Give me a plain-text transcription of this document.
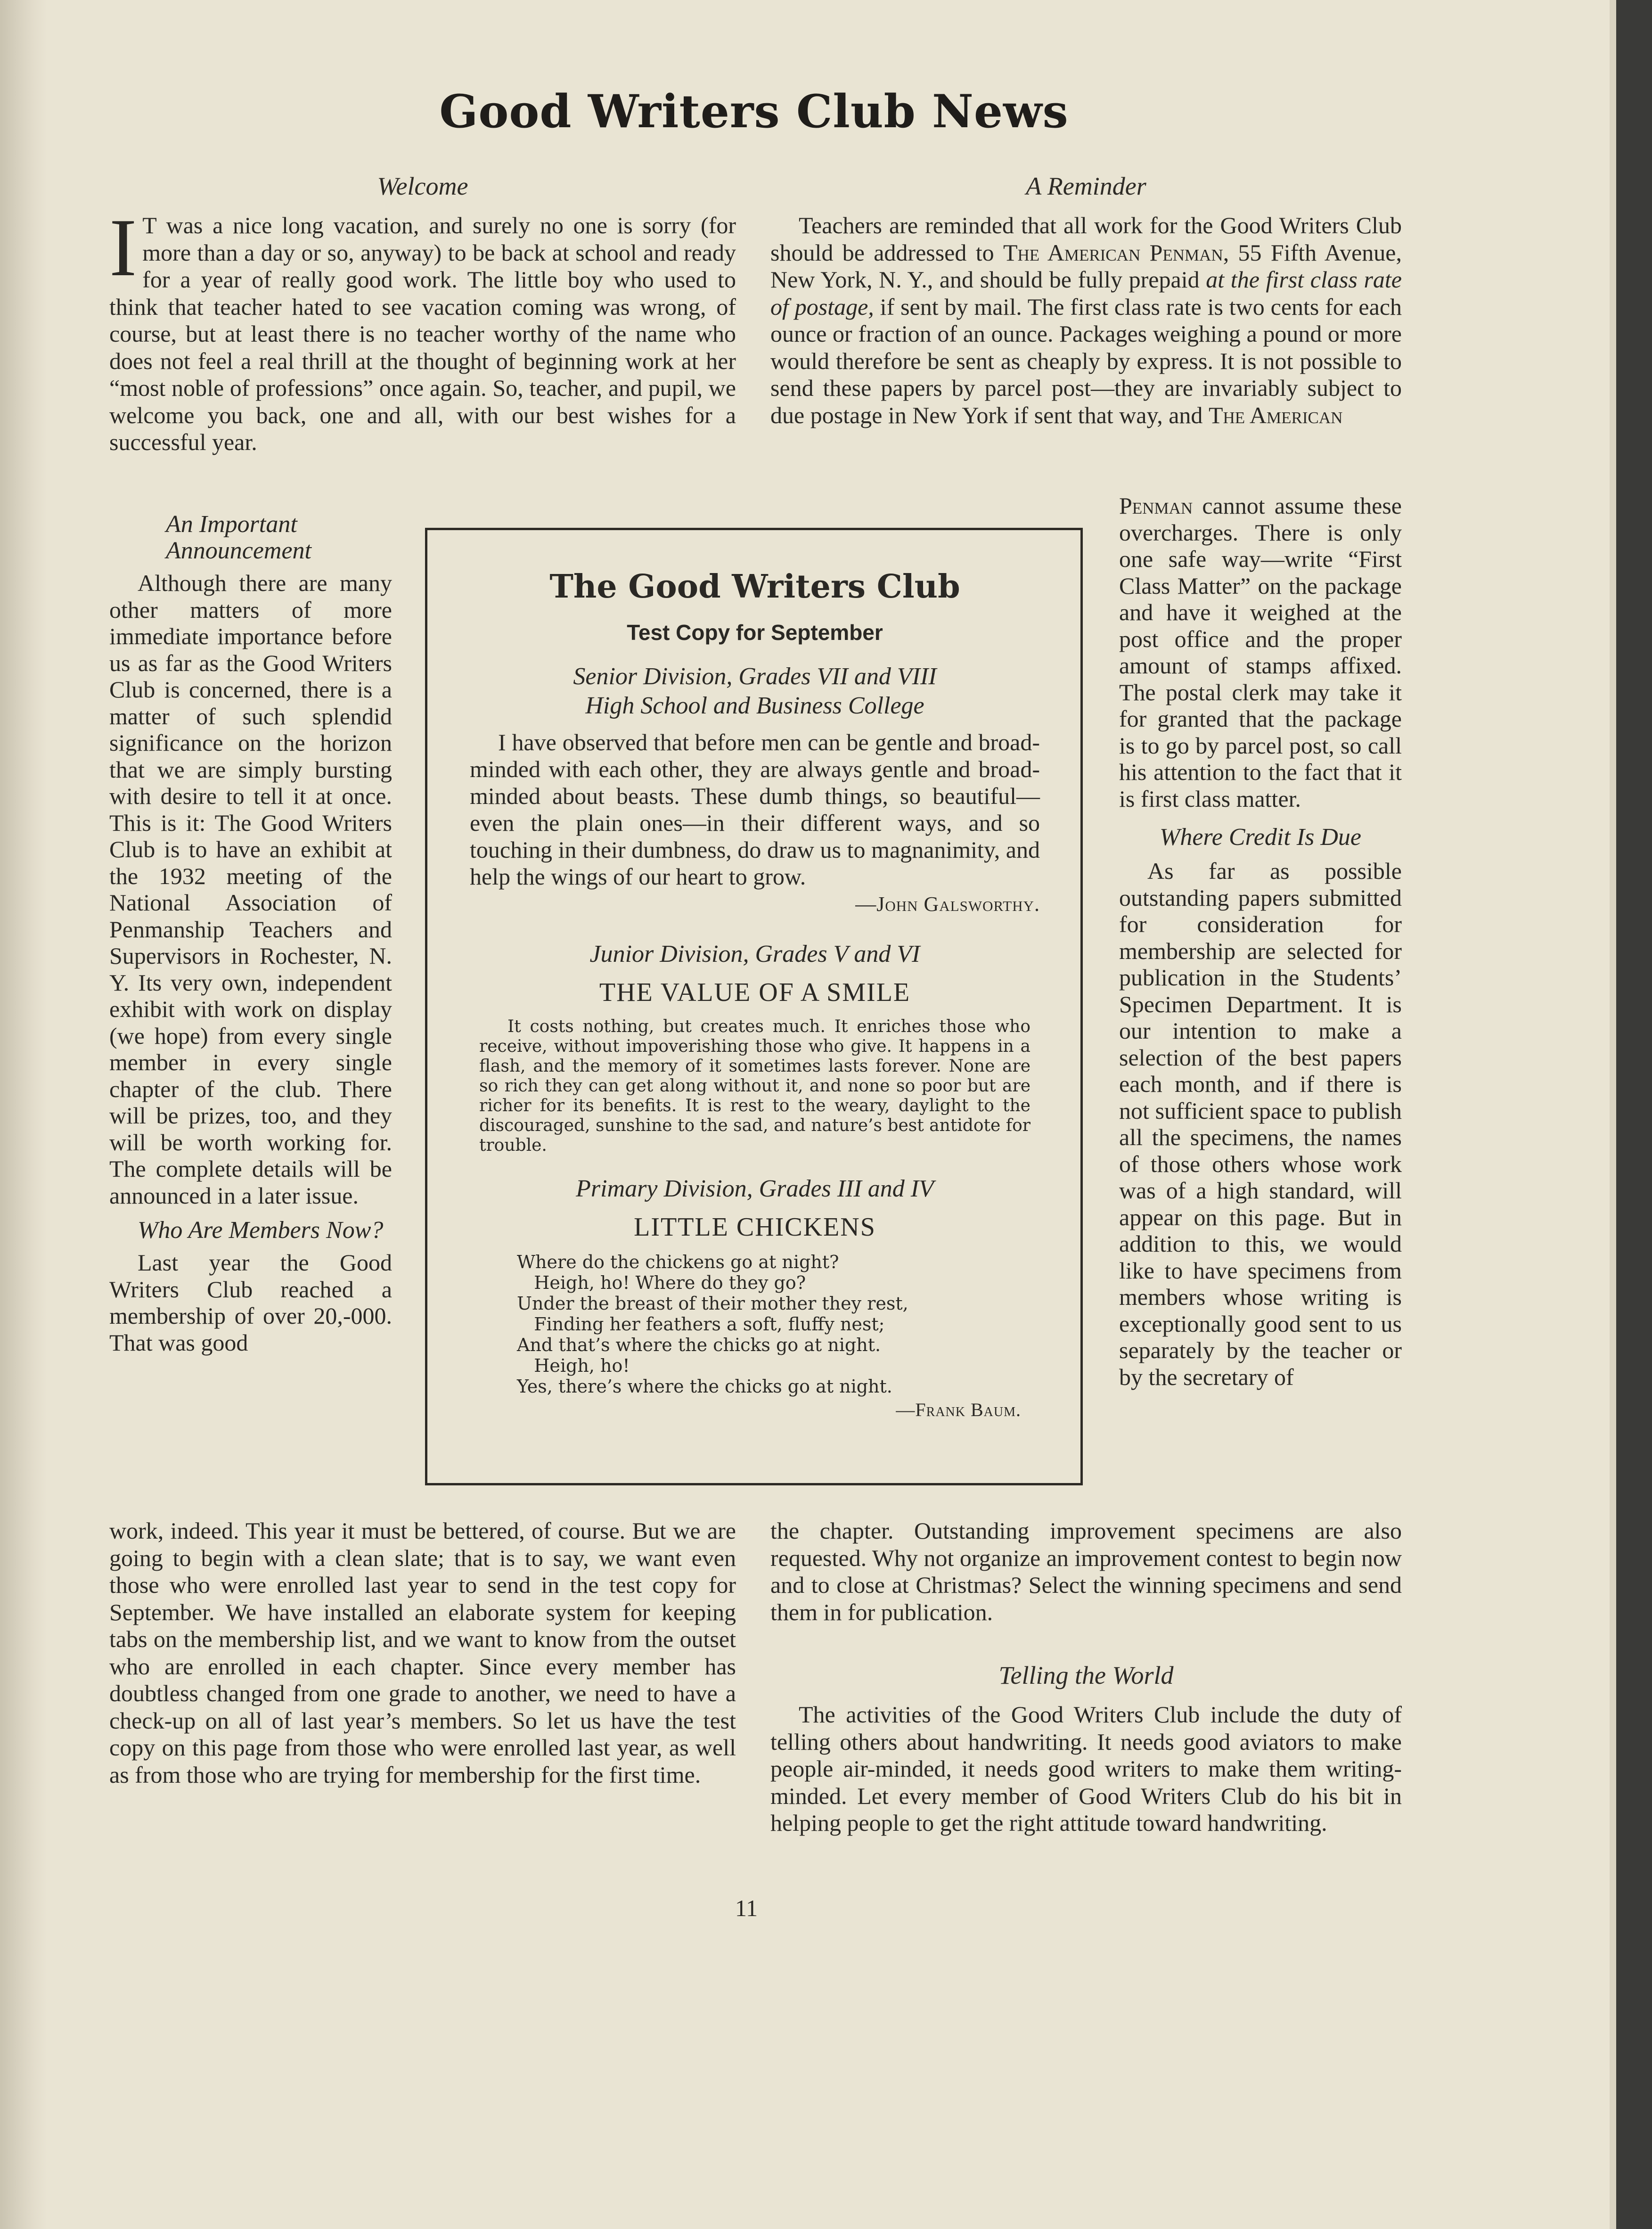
Good Writers Club News
Welcome

I T was a nice long vacation, and surely no one is sorry (for more than a day or so, anyway) to be back at school and ready for a year of really good work. The little boy who used to think that teacher hated to see vacation coming was wrong, of course, but at least there is no teacher worthy of the name who does not feel a real thrill at the thought of beginning work at her “most noble of professions” once again. So, teacher, and pupil, we welcome you back, one and all, with our best wishes for a successful year.

A Reminder

Teachers are reminded that all work for the Good Writers Club should be addressed to The American Penman, 55 Fifth Avenue, New York, N. Y., and should be fully prepaid at the first class rate of postage, if sent by mail. The first class rate is two cents for each ounce or fraction of an ounce. Packages weighing a pound or more would therefore be sent as cheaply by express. It is not possible to send these papers by parcel post—they are invariably subject to due postage in New York if sent that way, and The American

An Important Announcement

Although there are many other matters of more immediate importance before us as far as the Good Writers Club is concerned, there is a matter of such splendid significance on the horizon that we are simply bursting with desire to tell it at once. This is it: The Good Writers Club is to have an exhibit at the 1932 meeting of the National Association of Penmanship Teachers and Supervisors in Rochester, N. Y. Its very own, independent exhibit with work on display (we hope) from every single member in every single chapter of the club. There will be prizes, too, and they will be worth working for. The complete details will be announced in a later issue.

Who Are Members Now?

Last year the Good Writers Club reached a membership of over 20,-000. That was good

The Good Writers Club
Test Copy for September
Senior Division, Grades VII and VIII
High School and Business College

I have observed that before men can be gentle and broad-minded with each other, they are always gentle and broad-minded about beasts. These dumb things, so beautiful—even the plain ones—in their different ways, and so touching in their dumbness, do draw us to magnanimity, and help the wings of our heart to grow.

—John Galsworthy.
Junior Division, Grades V and VI
THE VALUE OF A SMILE

It costs nothing, but creates much. It enriches those who receive, without impoverishing those who give. It happens in a flash, and the memory of it sometimes lasts forever. None are so rich they can get along without it, and none so poor but are richer for its benefits. It is rest to the weary, daylight to the discouraged, sunshine to the sad, and nature’s best antidote for trouble.

Primary Division, Grades III and IV
LITTLE CHICKENS
Where do the chickens go at night?
Heigh, ho! Where do they go?
Under the breast of their mother they rest,
Finding her feathers a soft, fluffy nest;
And that’s where the chicks go at night.
Heigh, ho!
Yes, there’s where the chicks go at night.
—Frank Baum.

Penman cannot assume these overcharges. There is only one safe way—write “First Class Matter” on the package and have it weighed at the post office and the proper amount of stamps affixed. The postal clerk may take it for granted that the package is to go by parcel post, so call his attention to the fact that it is first class matter.

Where Credit Is Due

As far as possible outstanding papers submitted for consideration for membership are selected for publication in the Students’ Specimen Department. It is our intention to make a selection of the best papers each month, and if there is not sufficient space to publish all the specimens, the names of those others whose work was of a high standard, will appear on this page. But in addition to this, we would like to have specimens from members whose writing is exceptionally good sent to us separately by the teacher or by the secretary of

work, indeed. This year it must be bettered, of course. But we are going to begin with a clean slate; that is to say, we want even those who were enrolled last year to send in the test copy for September. We have installed an elaborate system for keeping tabs on the membership list, and we want to know from the outset who are enrolled in each chapter. Since every member has doubtless changed from one grade to another, we need to have a check-up on all of last year’s members. So let us have the test copy on this page from those who were enrolled last year, as well as from those who are trying for membership for the first time.

the chapter. Outstanding improvement specimens are also requested. Why not organize an improvement contest to begin now and to close at Christmas? Select the winning specimens and send them in for publication.

Telling the World

The activities of the Good Writers Club include the duty of telling others about handwriting. It needs good aviators to make people air-minded, it needs good writers to make them writing-minded. Let every member of Good Writers Club do his bit in helping people to get the right attitude toward handwriting.

11
